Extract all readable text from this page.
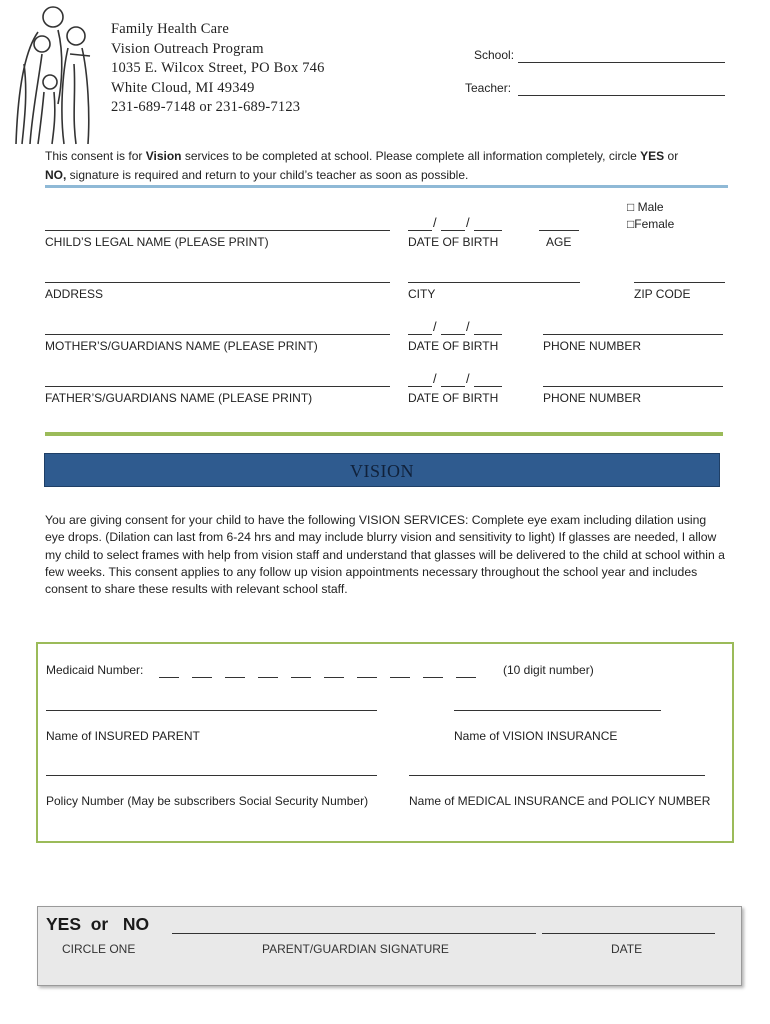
Family Health Care
Vision Outreach Program
1035 E. Wilcox Street, PO Box 746
White Cloud, MI 49349
231-689-7148 or 231-689-7123
School:
Teacher:
This consent is for Vision services to be completed at school. Please complete all information completely, circle YES or
NO, signature is required and return to your child’s teacher as soon as possible.
□ Male
□Female
/ /
CHILD’S LEGAL NAME (PLEASE PRINT)	DATE OF BIRTH	AGE
ADDRESS	CITY	ZIP CODE
/ /
MOTHER’S/GUARDIANS NAME (PLEASE PRINT)	DATE OF BIRTH	PHONE NUMBER
/ /
FATHER’S/GUARDIANS NAME (PLEASE PRINT)	DATE OF BIRTH	PHONE NUMBER
VISION
You are giving consent for your child to have the following VISION SERVICES: Complete eye exam including dilation using eye drops. (Dilation can last from 6-24 hrs and may include blurry vision and sensitivity to light) If glasses are needed, I allow my child to select frames with help from vision staff and understand that glasses will be delivered to the child at school within a few weeks. This consent applies to any follow up vision appointments necessary throughout the school year and includes consent to share these results with relevant school staff.
Medicaid Number:	(10 digit number)
Name of INSURED PARENT	Name of VISION INSURANCE
Policy Number (May be subscribers Social Security Number)	Name of MEDICAL INSURANCE and POLICY NUMBER
YES  or   NO
CIRCLE ONE	PARENT/GUARDIAN SIGNATURE	DATE
